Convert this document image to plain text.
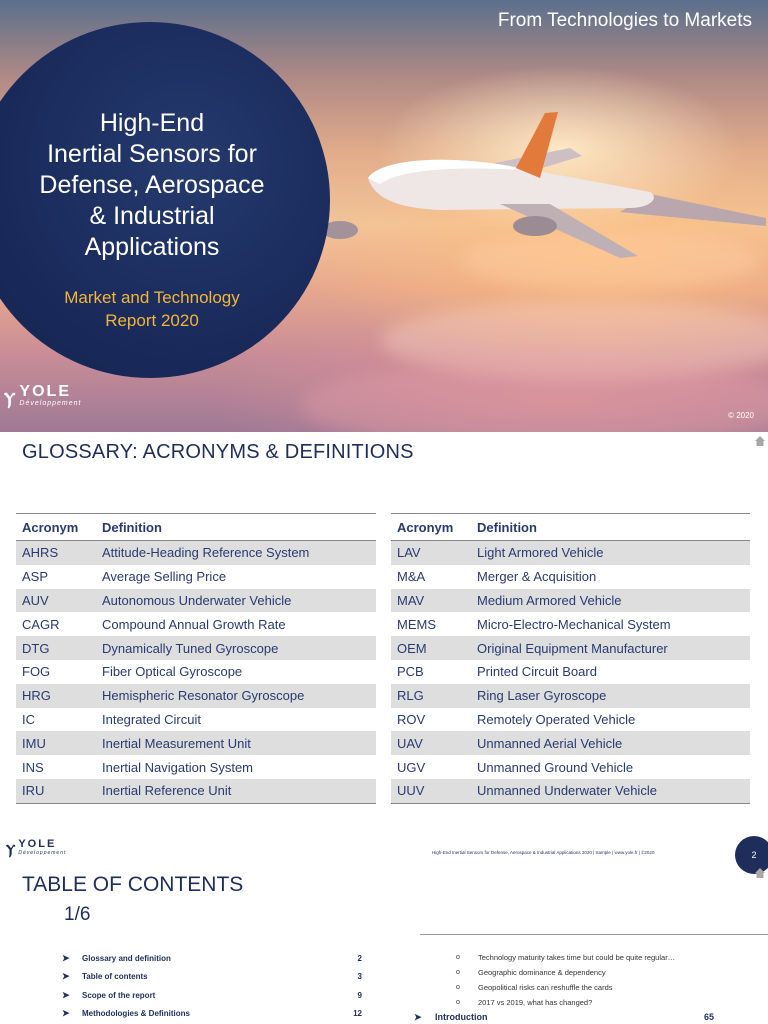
From Technologies to Markets
High-End
Inertial Sensors for
Defense, Aerospace
& Industrial
Applications
Market and Technology
Report 2020
ⲩ YOLE
Développement
© 2020
GLOSSARY: ACRONYMS & DEFINITIONS
Acronym	Definition
AHRS	Attitude-Heading Reference System
ASP	Average Selling Price
AUV	Autonomous Underwater Vehicle
CAGR	Compound Annual Growth Rate
DTG	Dynamically Tuned Gyroscope
FOG	Fiber Optical Gyroscope
HRG	Hemispheric Resonator Gyroscope
IC	Integrated Circuit
IMU	Inertial Measurement Unit
INS	Inertial Navigation System
IRU	Inertial Reference Unit
Acronym	Definition
LAV	Light Armored Vehicle
M&A	Merger & Acquisition
MAV	Medium Armored Vehicle
MEMS	Micro-Electro-Mechanical System
OEM	Original Equipment Manufacturer
PCB	Printed Circuit Board
RLG	Ring Laser Gyroscope
ROV	Remotely Operated Vehicle
UAV	Unmanned Aerial Vehicle
UGV	Unmanned Ground Vehicle
UUV	Unmanned Underwater Vehicle
ⲩ YOLE
Développement	High-End Inertial Sensors for Defense, Aerospace & Industrial Applications 2020 | Sample | www.yole.fr | ©2020	2
TABLE OF CONTENTS
1/6
➤	Glossary and definition	2
➤	Table of contents	3
➤	Scope of the report	9
➤	Methodologies & Definitions	12
o	Technology maturity takes time but could be quite regular…
o	Geographic dominance & dependency
o	Geopolitical risks can reshuffle the cards
o	2017 vs 2019, what has changed?
➤	Introduction	65
